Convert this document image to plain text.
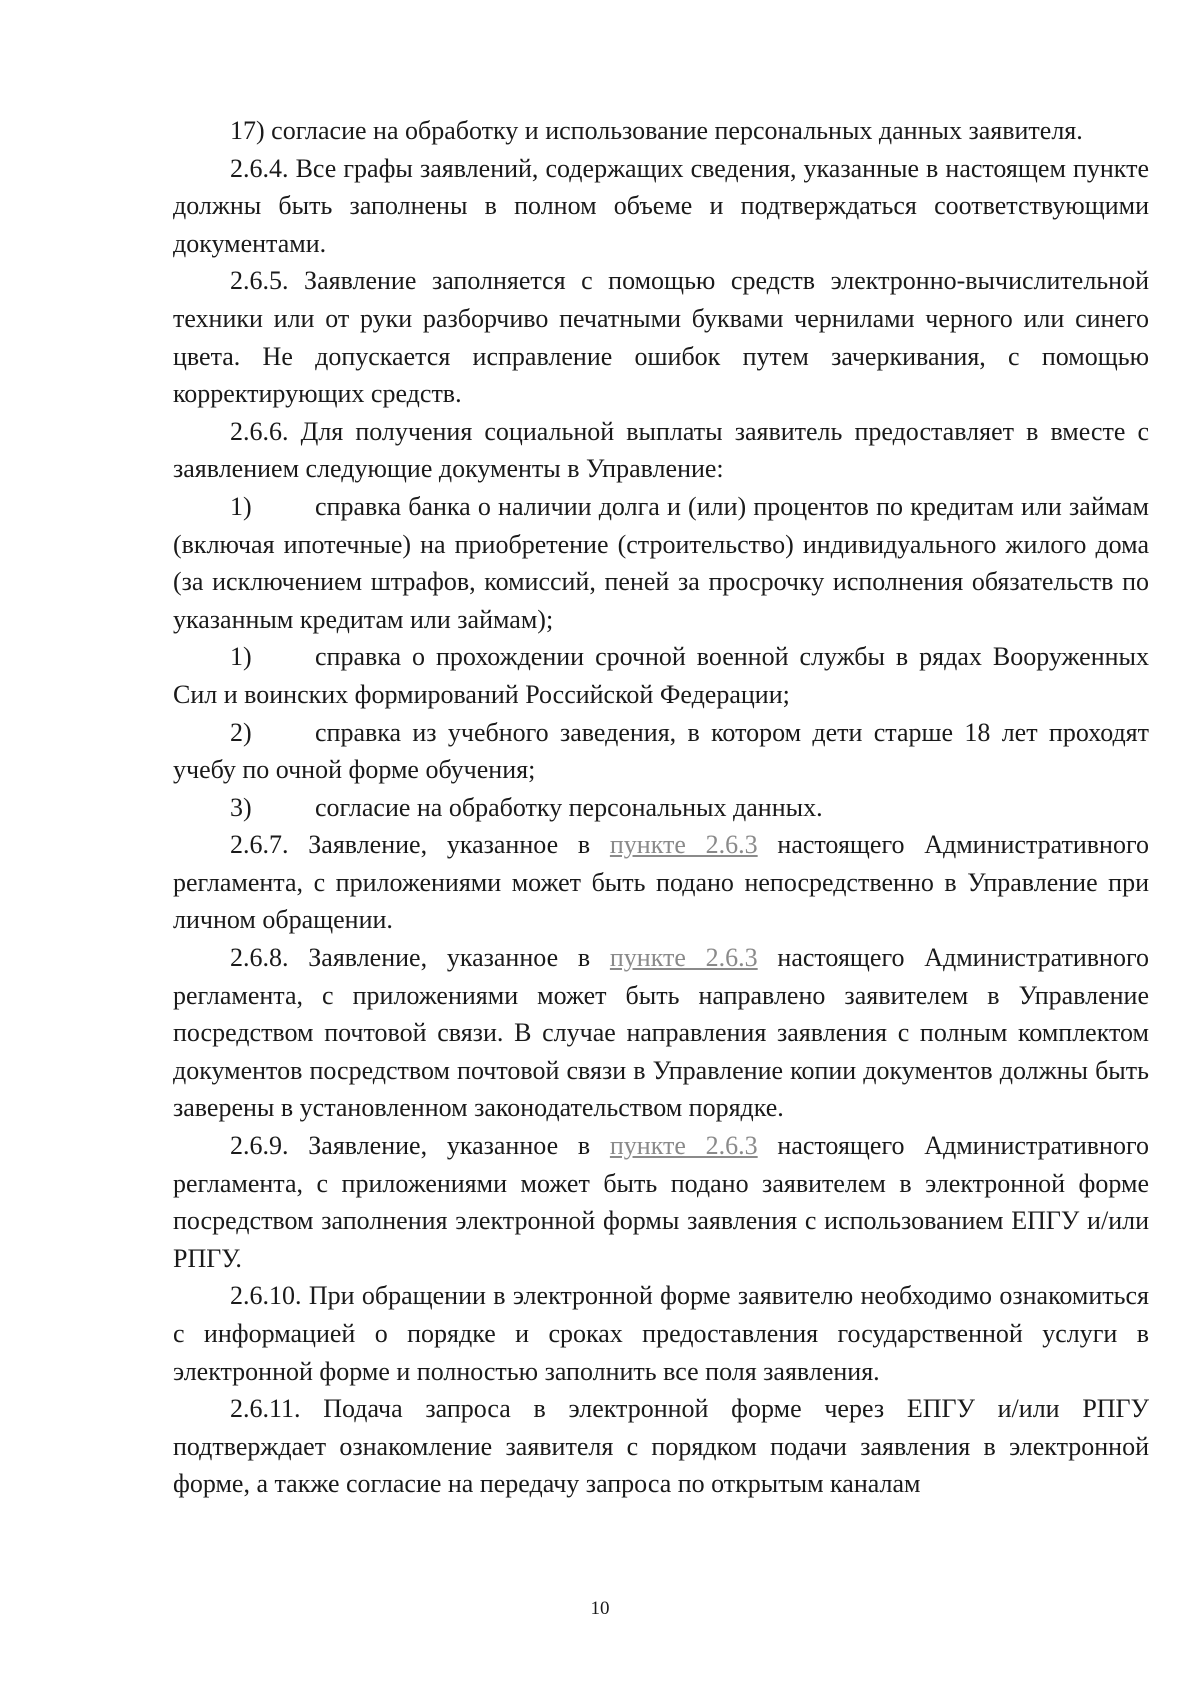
17) согласие на обработку и использование персональных данных заявителя.

2.6.4. Все графы заявлений, содержащих сведения, указанные в настоящем пункте должны быть заполнены в полном объеме и подтверждаться соответствующими документами.

2.6.5. Заявление заполняется с помощью средств электронно-вычислительной техники или от руки разборчиво печатными буквами чернилами черного или синего цвета. Не допускается исправление ошибок путем зачеркивания, с помощью корректирующих средств.

2.6.6. Для получения социальной выплаты заявитель предоставляет в вместе с заявлением следующие документы в Управление:

1) справка банка о наличии долга и (или) процентов по кредитам или займам (включая ипотечные) на приобретение (строительство) индивидуального жилого дома (за исключением штрафов, комиссий, пеней за просрочку исполнения обязательств по указанным кредитам или займам);

1) справка о прохождении срочной военной службы в рядах Вооруженных Сил и воинских формирований Российской Федерации;

2) справка из учебного заведения, в котором дети старше 18 лет проходят учебу по очной форме обучения;

3) согласие на обработку персональных данных.

2.6.7. Заявление, указанное в пункте 2.6.3 настоящего Административного регламента, с приложениями может быть подано непосредственно в Управление при личном обращении.

2.6.8. Заявление, указанное в пункте 2.6.3 настоящего Административного регламента, с приложениями может быть направлено заявителем в Управление посредством почтовой связи. В случае направления заявления с полным комплектом документов посредством почтовой связи в Управление копии документов должны быть заверены в установленном законодательством порядке.

2.6.9. Заявление, указанное в пункте 2.6.3 настоящего Административного регламента, с приложениями может быть подано заявителем в электронной форме посредством заполнения электронной формы заявления с использованием ЕПГУ и/или РПГУ.

2.6.10. При обращении в электронной форме заявителю необходимо ознакомиться с информацией о порядке и сроках предоставления государственной услуги в электронной форме и полностью заполнить все поля заявления.

2.6.11. Подача запроса в электронной форме через ЕПГУ и/или РПГУ подтверждает ознакомление заявителя с порядком подачи заявления в электронной форме, а также согласие на передачу запроса по открытым каналам

10
